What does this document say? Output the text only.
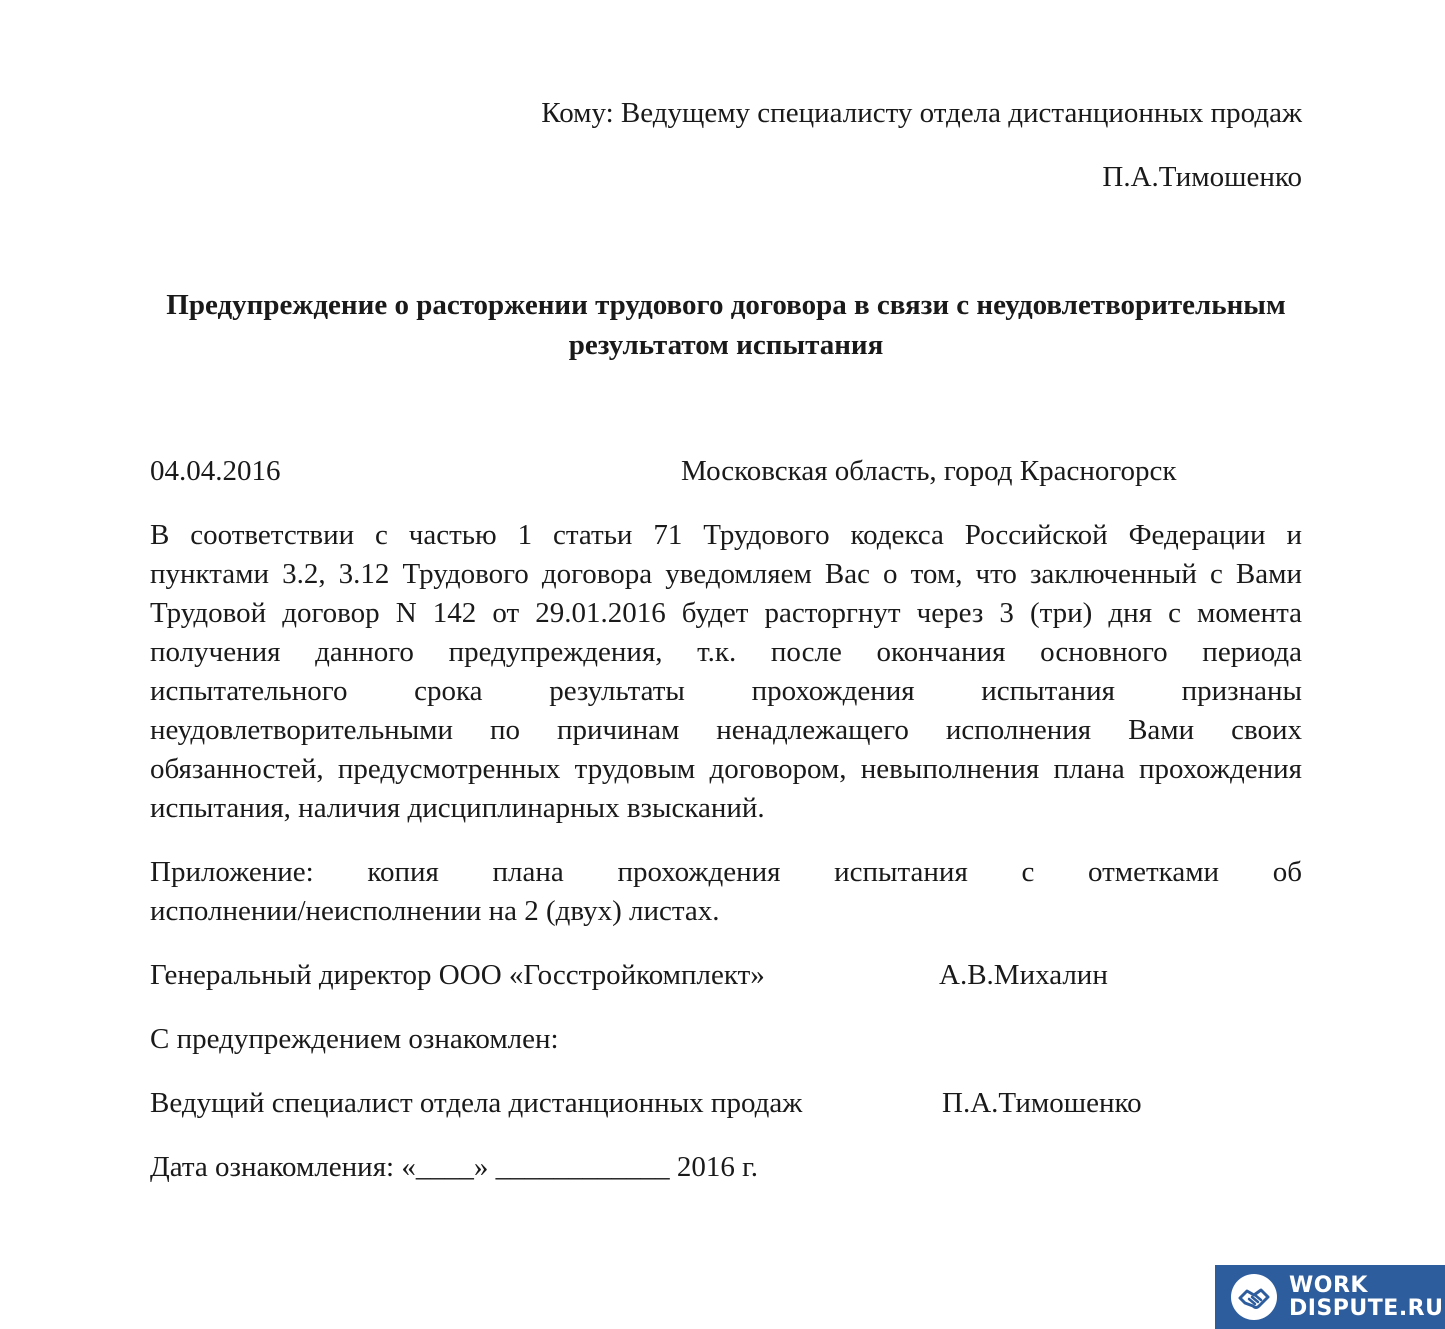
Кому: Ведущему специалисту отдела дистанционных продаж
П.А.Тимошенко
Предупреждение о расторжении трудового договора в связи с неудовлетворительным
результатом испытания
04.04.2016	Московская область, город Красногорск
В соответствии с частью 1 статьи 71 Трудового кодекса Российской Федерации и
пунктами 3.2, 3.12 Трудового договора уведомляем Вас о том, что заключенный с Вами
Трудовой договор N 142 от 29.01.2016 будет расторгнут через 3 (три) дня с момента
получения данного предупреждения, т.к. после окончания основного периода
испытательного срока результаты прохождения испытания признаны
неудовлетворительными по причинам ненадлежащего исполнения Вами своих
обязанностей, предусмотренных трудовым договором, невыполнения плана прохождения
испытания, наличия дисциплинарных взысканий.
Приложение: копия плана прохождения испытания с отметками об
исполнении/неисполнении на 2 (двух) листах.
Генеральный директор ООО «Госстройкомплект»	А.В.Михалин
С предупреждением ознакомлен:
Ведущий специалист отдела дистанционных продаж	П.А.Тимошенко
Дата ознакомления: «____» ____________ 2016 г.
WORK
DISPUTE.RU
